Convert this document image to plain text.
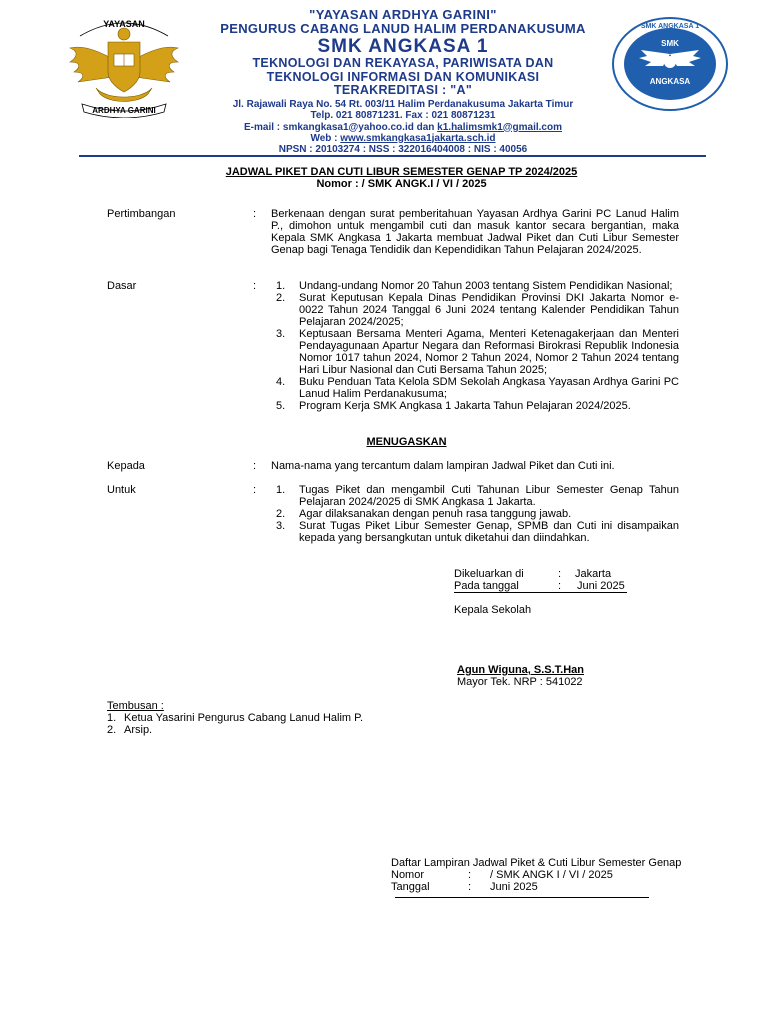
YAYASAN
ARDHYA GARINI
"YAYASAN ARDHYA GARINI"
PENGURUS CABANG LANUD HALIM PERDANAKUSUMA
SMK ANGKASA 1
TEKNOLOGI DAN REKAYASA, PARIWISATA DAN
TEKNOLOGI INFORMASI DAN KOMUNIKASI
TERAKREDITASI : "A"
Jl. Rajawali Raya No. 54 Rt. 003/11 Halim Perdanakusuma Jakarta Timur
Telp. 021 80871231. Fax : 021 80871231
E-mail : smkangkasa1@yahoo.co.id dan k1.halimsmk1@gmail.com
Web : www.smkangkasa1jakarta.sch.id
NPSN : 20103274 : NSS : 322016404008 : NIS : 40056
SMK ANGKASA 1
SMK
ANGKASA
JADWAL PIKET DAN CUTI LIBUR SEMESTER GENAP TP 2024/2025
Nomor : / SMK ANGK.I / VI / 2025
Pertimbangan	: Berkenaan dengan surat pemberitahuan Yayasan Ardhya Garini PC Lanud Halim P., dimohon untuk mengambil cuti dan masuk kantor secara bergantian, maka Kepala SMK Angkasa 1 Jakarta membuat Jadwal Piket dan Cuti Libur Semester Genap bagi Tenaga Tendidik dan Kependidikan Tahun Pelajaran 2024/2025.
Dasar	: 1. Undang-undang Nomor 20 Tahun 2003 tentang Sistem Pendidikan Nasional;
2. Surat Keputusan Kepala Dinas Pendidikan Provinsi DKI Jakarta Nomor e-0022 Tahun 2024 Tanggal 6 Juni 2024 tentang Kalender Pendidikan Tahun Pelajaran 2024/2025;
3. Keptusaan Bersama Menteri Agama, Menteri Ketenagakerjaan dan Menteri Pendayagunaan Apartur Negara dan Reformasi Birokrasi Republik Indonesia Nomor 1017 tahun 2024, Nomor 2 Tahun 2024, Nomor 2 Tahun 2024 tentang Hari Libur Nasional dan Cuti Bersama Tahun 2025;
4. Buku Penduan Tata Kelola SDM Sekolah Angkasa Yayasan Ardhya Garini PC Lanud Halim Perdanakusuma;
5. Program Kerja SMK Angkasa 1 Jakarta Tahun Pelajaran 2024/2025.
MENUGASKAN
Kepada	: Nama-nama yang tercantum dalam lampiran Jadwal Piket dan Cuti ini.
Untuk	: 1. Tugas Piket dan mengambil Cuti Tahunan Libur Semester Genap Tahun Pelajaran 2024/2025 di SMK Angkasa 1 Jakarta.
2. Agar dilaksanakan dengan penuh rasa tanggung jawab.
3. Surat Tugas Piket Libur Semester Genap, SPMB dan Cuti ini disampaikan kepada yang bersangkutan untuk diketahui dan diindahkan.
Dikeluarkan di	: Jakarta
Pada tanggal	: Juni 2025
Kepala Sekolah
Agun Wiguna, S.S.T.Han
Mayor Tek. NRP : 541022
Tembusan :
1. Ketua Yasarini Pengurus Cabang Lanud Halim P.
2. Arsip.
Daftar Lampiran Jadwal Piket & Cuti Libur Semester Genap
Nomor	: / SMK ANGK I / VI / 2025
Tanggal	: Juni 2025
